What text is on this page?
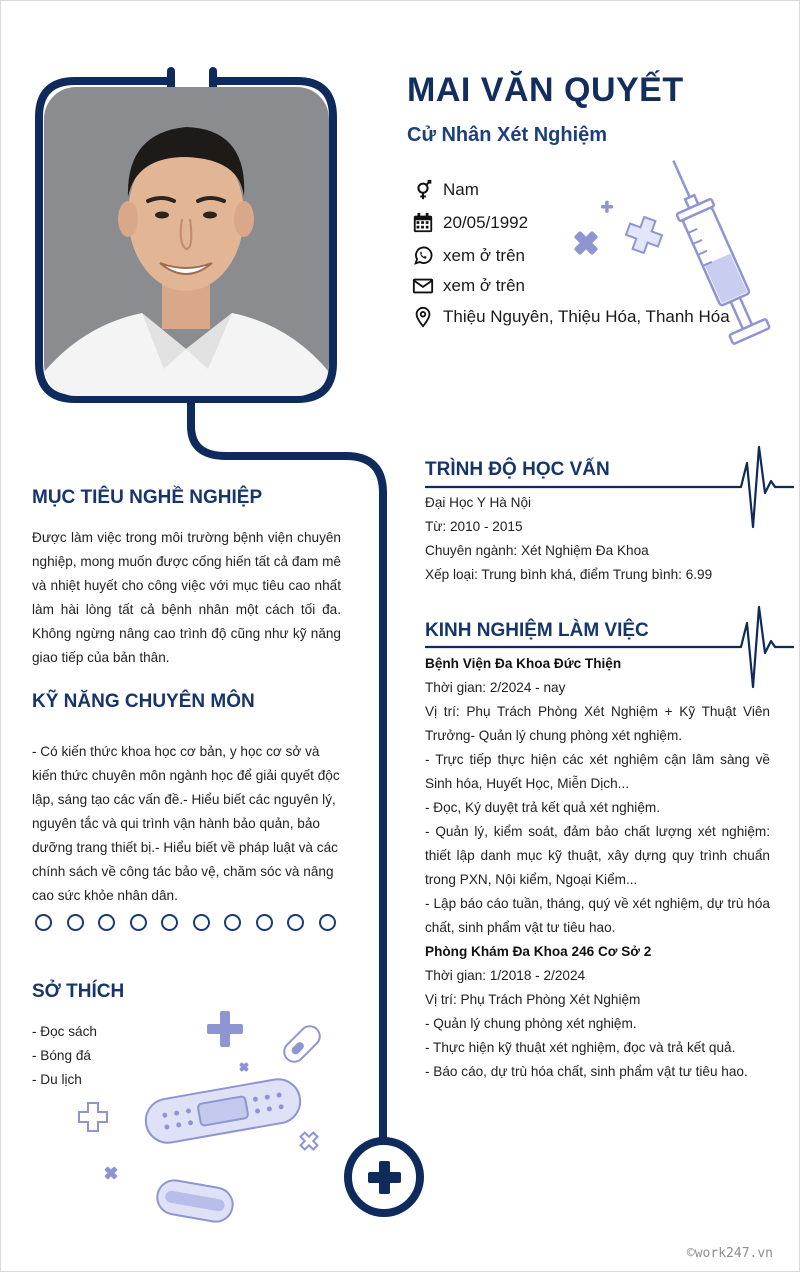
MAI VĂN QUYẾT
Cử Nhân Xét Nghiệm
Nam
20/05/1992
xem ở trên
xem ở trên
Thiệu Nguyên, Thiệu Hóa, Thanh Hóa
MỤC TIÊU NGHỀ NGHIỆP
Được làm việc trong môi trường bệnh viện chuyên nghiệp, mong muốn được cống hiến tất cả đam mê và nhiệt huyết cho công việc với mục tiêu cao nhất làm hài lòng tất cả bệnh nhân một cách tối đa. Không ngừng nâng cao trình độ cũng như kỹ năng giao tiếp của bản thân.
KỸ NĂNG CHUYÊN MÔN
- Có kiến thức khoa học cơ bản, y học cơ sở và kiến thức chuyên môn ngành học để giải quyết độc lập, sáng tạo các vấn đề.- Hiểu biết các nguyên lý, nguyên tắc và qui trình vận hành bảo quản, bảo dưỡng trang thiết bị.- Hiểu biết về pháp luật và các chính sách về công tác bảo vệ, chăm sóc và nâng cao sức khỏe nhân dân.
SỞ THÍCH
- Đọc sách
- Bóng đá
- Du lịch
TRÌNH ĐỘ HỌC VẤN
Đại Học Y Hà Nội
Từ: 2010 - 2015
Chuyên ngành: Xét Nghiệm Đa Khoa
Xếp loại: Trung bình khá, điểm Trung bình: 6.99
KINH NGHIỆM LÀM VIỆC
Bệnh Viện Đa Khoa Đức Thiện
Thời gian: 2/2024 - nay
Vị trí: Phụ Trách Phòng Xét Nghiệm + Kỹ Thuật Viên Trưởng- Quản lý chung phòng xét nghiệm.
- Trực tiếp thực hiện các xét nghiệm cận lâm sàng về Sinh hóa, Huyết Học, Miễn Dịch...
- Đọc, Ký duyệt trả kết quả xét nghiệm.
- Quản lý, kiểm soát, đảm bảo chất lượng xét nghiệm: thiết lập danh mục kỹ thuật, xây dựng quy trình chuẩn trong PXN, Nội kiểm, Ngoại Kiểm...
- Lập báo cáo tuần, tháng, quý về xét nghiệm, dự trù hóa chất, sinh phẩm vật tư tiêu hao.
Phòng Khám Đa Khoa 246 Cơ Sở 2
Thời gian: 1/2018 - 2/2024
Vị trí: Phụ Trách Phòng Xét Nghiệm
- Quản lý chung phòng xét nghiệm.
- Thực hiện kỹ thuật xét nghiệm, đọc và trả kết quả.
- Báo cáo, dự trù hóa chất, sinh phẩm vật tư tiêu hao.
©work247.vn
